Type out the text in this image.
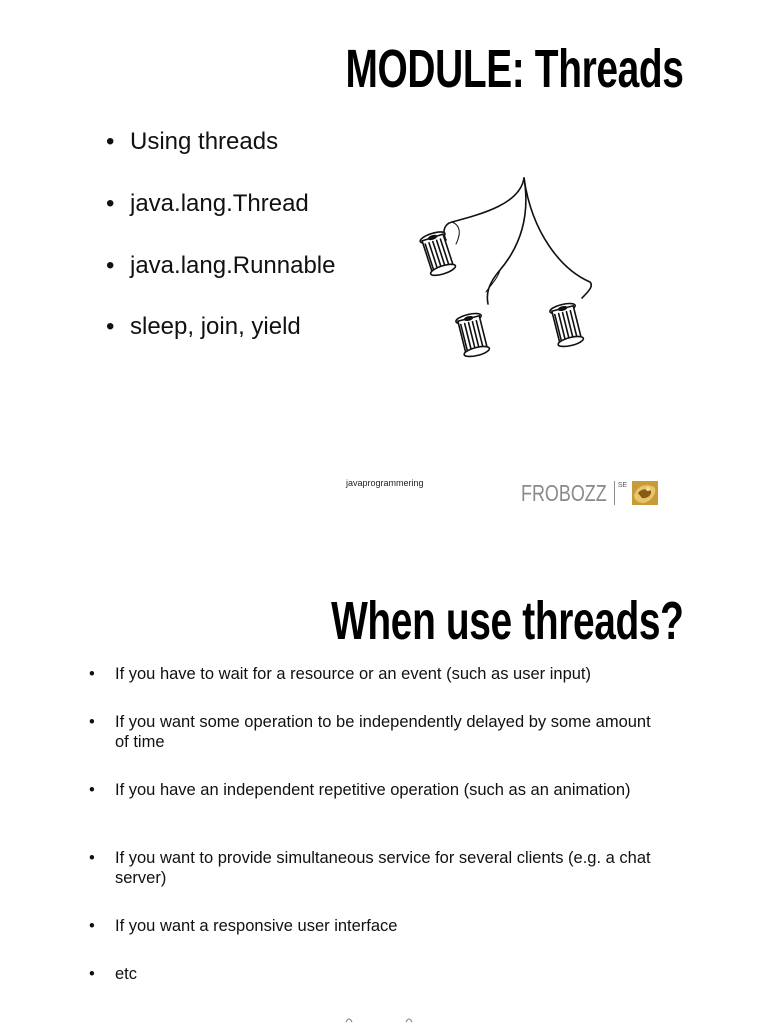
MODULE: Threads
• Using threads
• java.lang.Thread
• java.lang.Runnable
• sleep, join, yield
javaprogrammering	FROBOZZ SE
When use threads?
• If you have to wait for a resource or an event (such as user input)
• If you want some operation to be independently delayed by some amount of time
• If you have an independent repetitive operation (such as an animation)
• If you want to provide simultaneous service for several clients (e.g. a chat server)
• If you want a responsive user interface
• etc
